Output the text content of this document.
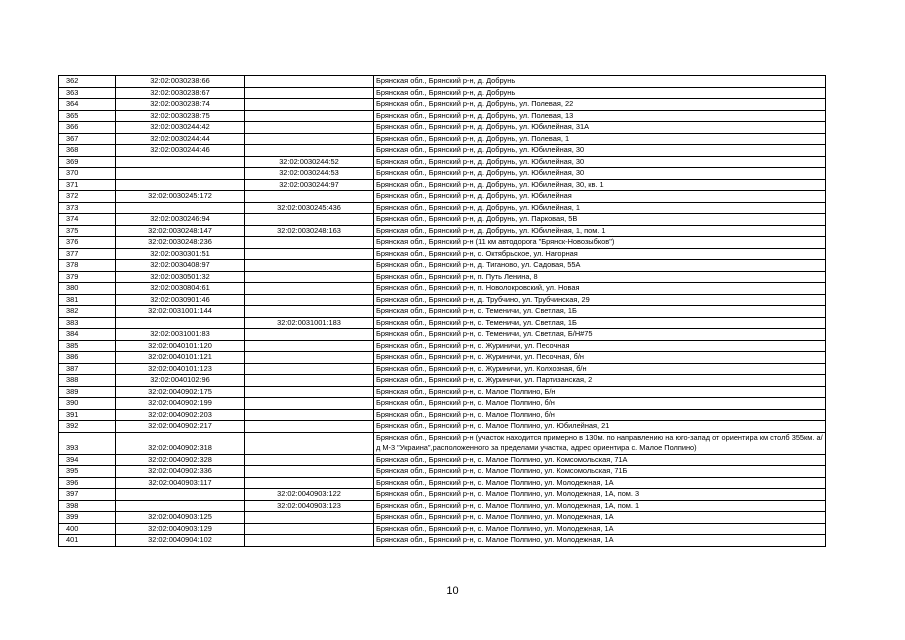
362	32:02:0030238:66		Брянская обл., Брянский р-н, д. Добрунь
363	32:02:0030238:67		Брянская обл., Брянский р-н, д. Добрунь
364	32:02:0030238:74		Брянская обл., Брянский р-н, д. Добрунь, ул. Полевая, 22
365	32:02:0030238:75		Брянская обл., Брянский р-н, д. Добрунь, ул. Полевая, 13
366	32:02:0030244:42		Брянская обл., Брянский р-н, д. Добрунь, ул. Юбилейная, 31А
367	32:02:0030244:44		Брянская обл., Брянский р-н, д. Добрунь, ул. Полевая, 1
368	32:02:0030244:46		Брянская обл., Брянский р-н, д. Добрунь, ул. Юбилейная, 30
369		32:02:0030244:52	Брянская обл., Брянский р-н, д. Добрунь, ул. Юбилейная, 30
370		32:02:0030244:53	Брянская обл., Брянский р-н, д. Добрунь, ул. Юбилейная, 30
371		32:02:0030244:97	Брянская обл., Брянский р-н, д. Добрунь, ул. Юбилейная, 30, кв. 1
372	32:02:0030245:172		Брянская обл., Брянский р-н, д. Добрунь, ул. Юбилейная
373		32:02:0030245:436	Брянская обл., Брянский р-н, д. Добрунь, ул. Юбилейная, 1
374	32:02:0030246:94		Брянская обл., Брянский р-н, д. Добрунь, ул. Парковая, 5В
375	32:02:0030248:147	32:02:0030248:163	Брянская обл., Брянский р-н, д. Добрунь, ул. Юбилейная, 1, пом. 1
376	32:02:0030248:236		Брянская обл., Брянский р-н (11 км автодорога "Брянск-Новозыбков")
377	32:02:0030301:51		Брянская обл., Брянский р-н, с. Октябрьское, ул. Нагорная
378	32:02:0030408:97		Брянская обл., Брянский р-н, д. Тиганово, ул. Садовая, 55А
379	32:02:0030501:32		Брянская обл., Брянский р-н, п. Путь Ленина, 8
380	32:02:0030804:61		Брянская обл., Брянский р-н, п. Новолокровский, ул. Новая
381	32:02:0030901:46		Брянская обл., Брянский р-н, д. Трубчино, ул. Трубчинская, 29
382	32:02:0031001:144		Брянская обл., Брянский р-н, с. Теменичи, ул. Светлая, 1Б
383		32:02:0031001:183	Брянская обл., Брянский р-н, с. Теменичи, ул. Светлая, 1Б
384	32:02:0031001:83		Брянская обл., Брянский р-н, с. Теменичи, ул. Светлая, Б/Н#75
385	32:02:0040101:120		Брянская обл., Брянский р-н, с. Журиничи, ул. Песочная
386	32:02:0040101:121		Брянская обл., Брянский р-н, с. Журиничи, ул. Песочная, б/н
387	32:02:0040101:123		Брянская обл., Брянский р-н, с. Журиничи, ул. Колхозная, б/н
388	32:02:0040102:96		Брянская обл., Брянский р-н, с. Журиничи, ул. Партизанская, 2
389	32:02:0040902:175		Брянская обл., Брянский р-н, с. Малое Полпино, Б/н
390	32:02:0040902:199		Брянская обл., Брянский р-н, с. Малое Полпино, б/н
391	32:02:0040902:203		Брянская обл., Брянский р-н, с. Малое Полпино, б/н
392	32:02:0040902:217		Брянская обл., Брянский р-н, с. Малое Полпино, ул. Юбилейная, 21
393	32:02:0040902:318		Брянская обл., Брянский р-н (участок находится примерно в 130м. по направлению на юго-запад от ориентира км столб 355км. а/д М-3 "Украина",расположенного за пределами участка, адрес ориентира с. Малое Полпино)
394	32:02:0040902:328		Брянская обл., Брянский р-н, с. Малое Полпино, ул. Комсомольская, 71А
395	32:02:0040902:336		Брянская обл., Брянский р-н, с. Малое Полпино, ул. Комсомольская, 71Б
396	32:02:0040903:117		Брянская обл., Брянский р-н, с. Малое Полпино, ул. Молодежная, 1А
397		32:02:0040903:122	Брянская обл., Брянский р-н, с. Малое Полпино, ул. Молодежная, 1А, пом. 3
398		32:02:0040903:123	Брянская обл., Брянский р-н, с. Малое Полпино, ул. Молодежная, 1А, пом. 1
399	32:02:0040903:125		Брянская обл., Брянский р-н, с. Малое Полпино, ул. Молодежная, 1А
400	32:02:0040903:129		Брянская обл., Брянский р-н, с. Малое Полпино, ул. Молодежная, 1А
401	32:02:0040904:102		Брянская обл., Брянский р-н, с. Малое Полпино, ул. Молодежная, 1А
10
